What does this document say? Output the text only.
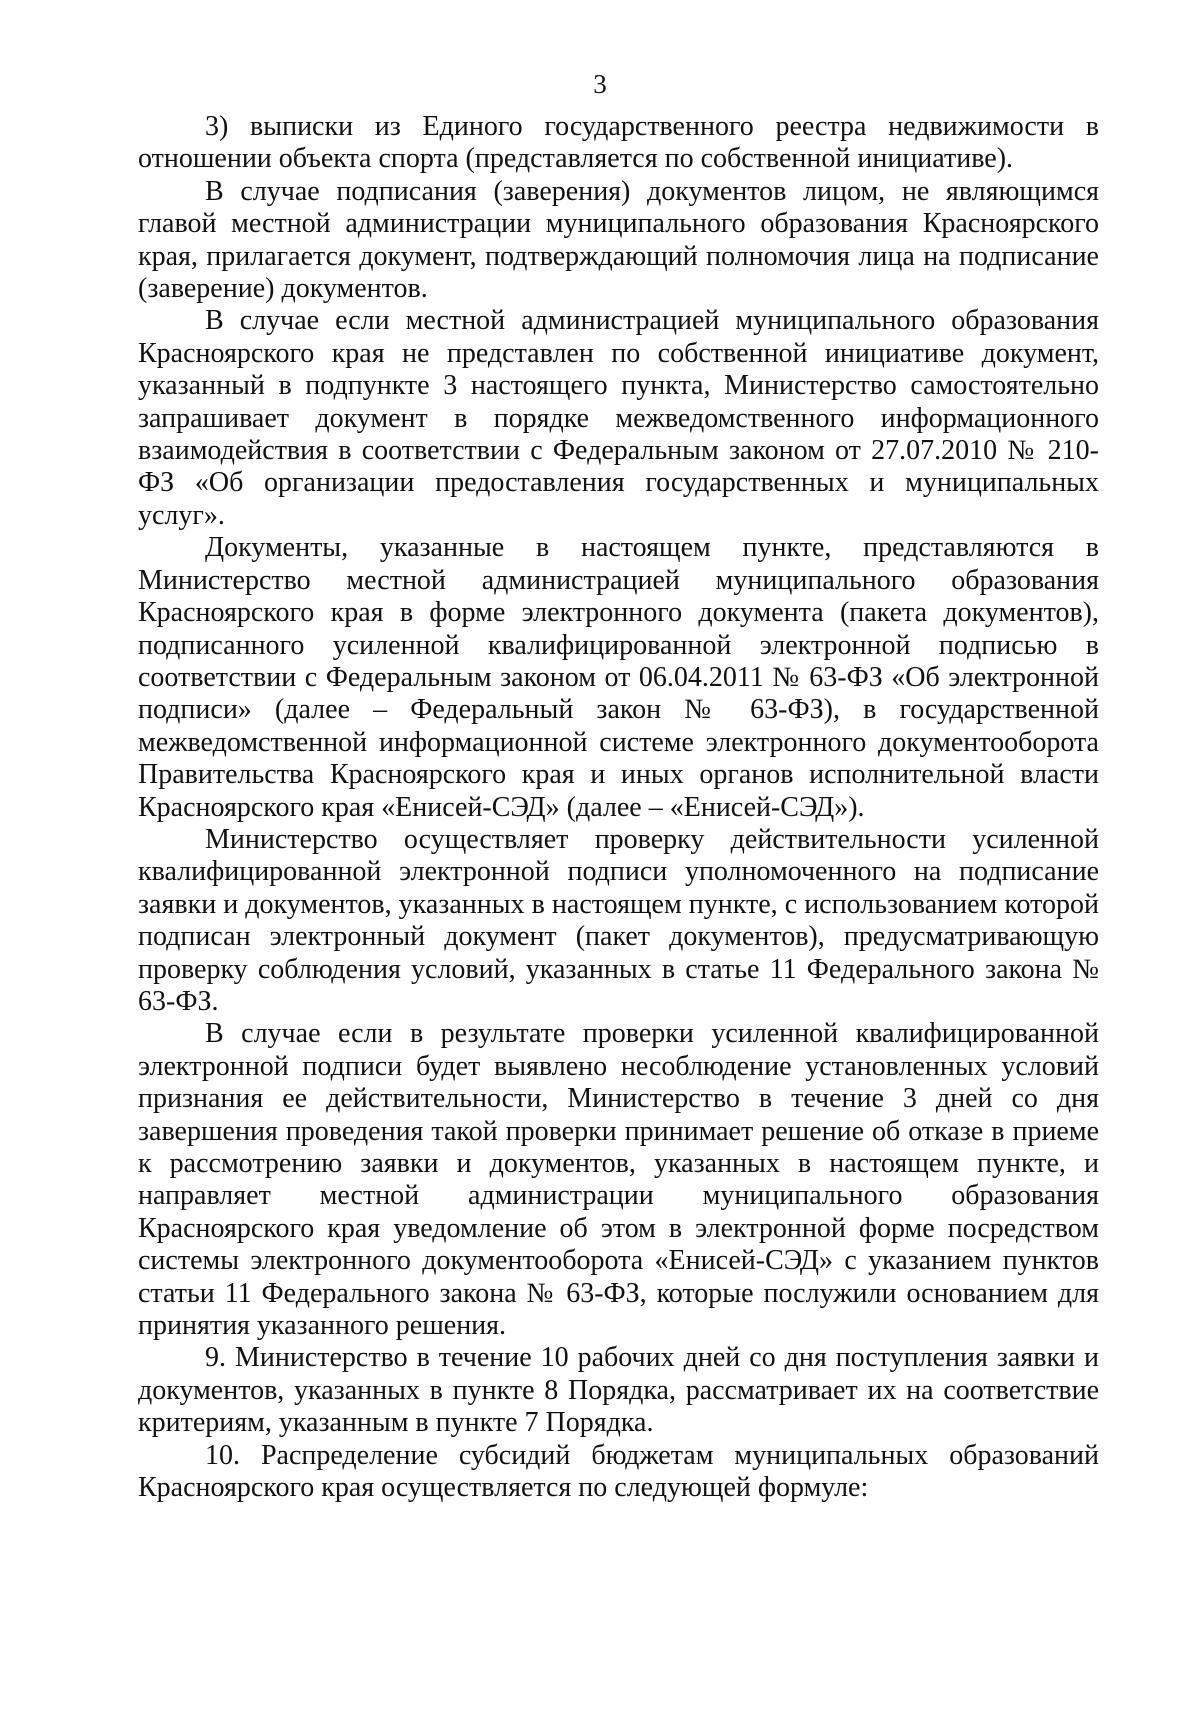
3

3) выписки из Единого государственного реестра недвижимости в отношении объекта спорта (представляется по собственной инициативе).

В случае подписания (заверения) документов лицом, не являющимся главой местной администрации муниципального образования Красноярского края, прилагается документ, подтверждающий полномочия лица на подписание (заверение) документов.

В случае если местной администрацией муниципального образования Красноярского края не представлен по собственной инициативе документ, указанный в подпункте 3 настоящего пункта, Министерство самостоятельно запрашивает документ в порядке межведомственного информационного взаимодействия в соответствии с Федеральным законом от 27.07.2010 № 210-ФЗ «Об организации предоставления государственных и муниципальных услуг».

Документы, указанные в настоящем пункте, представляются в Министерство местной администрацией муниципального образования Красноярского края в форме электронного документа (пакета документов), подписанного усиленной квалифицированной электронной подписью в соответствии с Федеральным законом от 06.04.2011 № 63-ФЗ «Об электронной подписи» (далее – Федеральный закон № 63-ФЗ), в государственной межведомственной информационной системе электронного документооборота Правительства Красноярского края и иных органов исполнительной власти Красноярского края «Енисей-СЭД» (далее – «Енисей-СЭД»).

Министерство осуществляет проверку действительности усиленной квалифицированной электронной подписи уполномоченного на подписание заявки и документов, указанных в настоящем пункте, с использованием которой подписан электронный документ (пакет документов), предусматривающую проверку соблюдения условий, указанных в статье 11 Федерального закона № 63-ФЗ.

В случае если в результате проверки усиленной квалифицированной электронной подписи будет выявлено несоблюдение установленных условий признания ее действительности, Министерство в течение 3 дней со дня завершения проведения такой проверки принимает решение об отказе в приеме к рассмотрению заявки и документов, указанных в настоящем пункте, и направляет местной администрации муниципального образования Красноярского края уведомление об этом в электронной форме посредством системы электронного документооборота «Енисей-СЭД» с указанием пунктов статьи 11 Федерального закона № 63-ФЗ, которые послужили основанием для принятия указанного решения.

9. Министерство в течение 10 рабочих дней со дня поступления заявки и документов, указанных в пункте 8 Порядка, рассматривает их на соответствие критериям, указанным в пункте 7 Порядка.

10. Распределение субсидий бюджетам муниципальных образований Красноярского края осуществляется по следующей формуле:
